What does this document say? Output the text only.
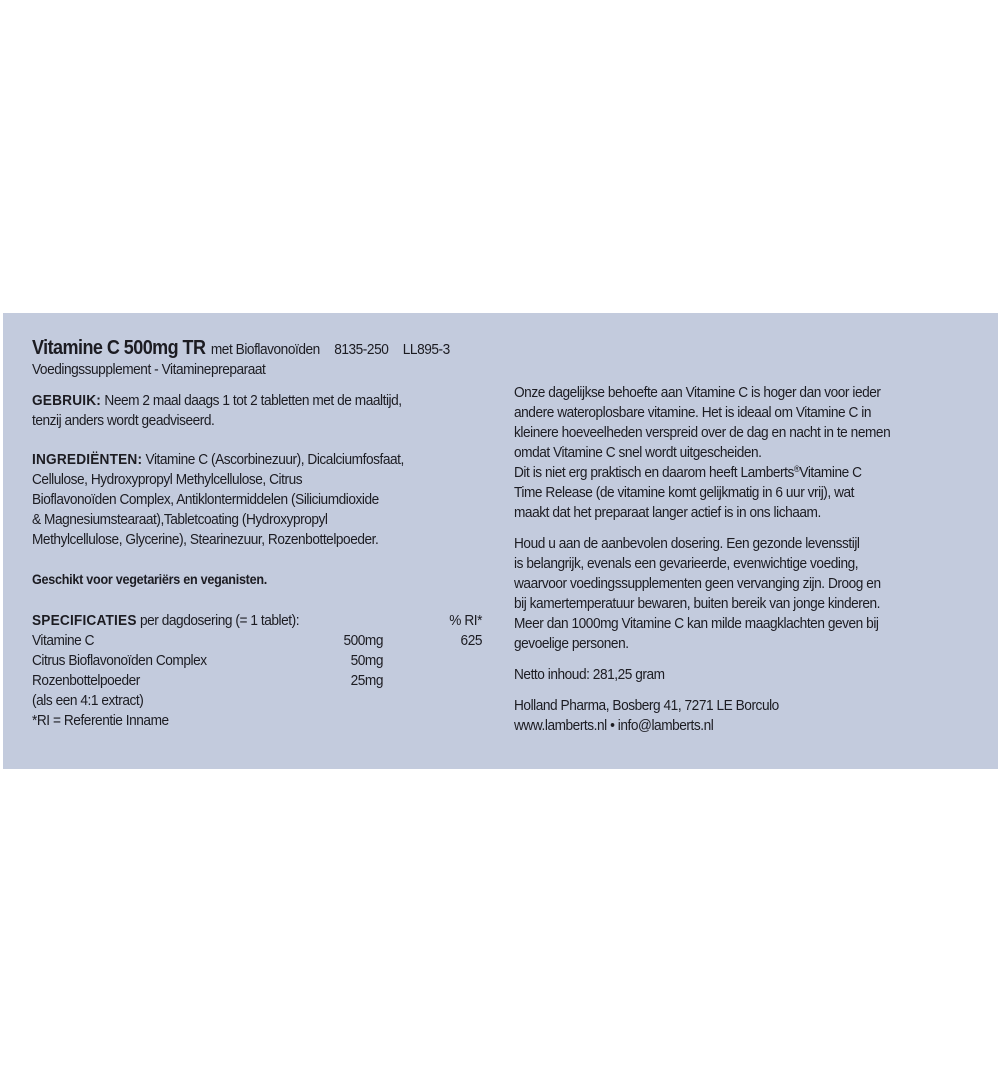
Vitamine C 500mg TR met Bioflavonoïden 8135-250 LL895-3

Voedingssupplement - Vitaminepreparaat

GEBRUIK: Neem 2 maal daags 1 tot 2 tabletten met de maaltijd,

tenzij anders wordt geadviseerd.

INGREDIËNTEN: Vitamine C (Ascorbinezuur), Dicalciumfosfaat,

Cellulose, Hydroxypropyl Methylcellulose, Citrus

Bioflavonoïden Complex, Antiklontermiddelen (Siliciumdioxide

& Magnesiumstearaat),Tabletcoating (Hydroxypropyl

Methylcellulose, Glycerine), Stearinezuur, Rozenbottelpoeder.

Geschikt voor vegetariërs en veganisten.

SPECIFICATIES per dagdosering (= 1 tablet):		% RI*
Vitamine C	500mg	625
Citrus Bioflavonoïden Complex	50mg	
Rozenbottelpoeder	25mg	

(als een 4:1 extract)

*RI = Referentie Inname

Onze dagelijkse behoefte aan Vitamine C is hoger dan voor ieder

andere wateroplosbare vitamine. Het is ideaal om Vitamine C in

kleinere hoeveelheden verspreid over de dag en nacht in te nemen

omdat Vitamine C snel wordt uitgescheiden.

Dit is niet erg praktisch en daarom heeft Lamberts®Vitamine C

Time Release (de vitamine komt gelijkmatig in 6 uur vrij), wat

maakt dat het preparaat langer actief is in ons lichaam.

Houd u aan de aanbevolen dosering. Een gezonde levensstijl

is belangrijk, evenals een gevarieerde, evenwichtige voeding,

waarvoor voedingssupplementen geen vervanging zijn. Droog en

bij kamertemperatuur bewaren, buiten bereik van jonge kinderen.

Meer dan 1000mg Vitamine C kan milde maagklachten geven bij

gevoelige personen.

Netto inhoud: 281,25 gram

Holland Pharma, Bosberg 41, 7271 LE Borculo

www.lamberts.nl • info@lamberts.nl
